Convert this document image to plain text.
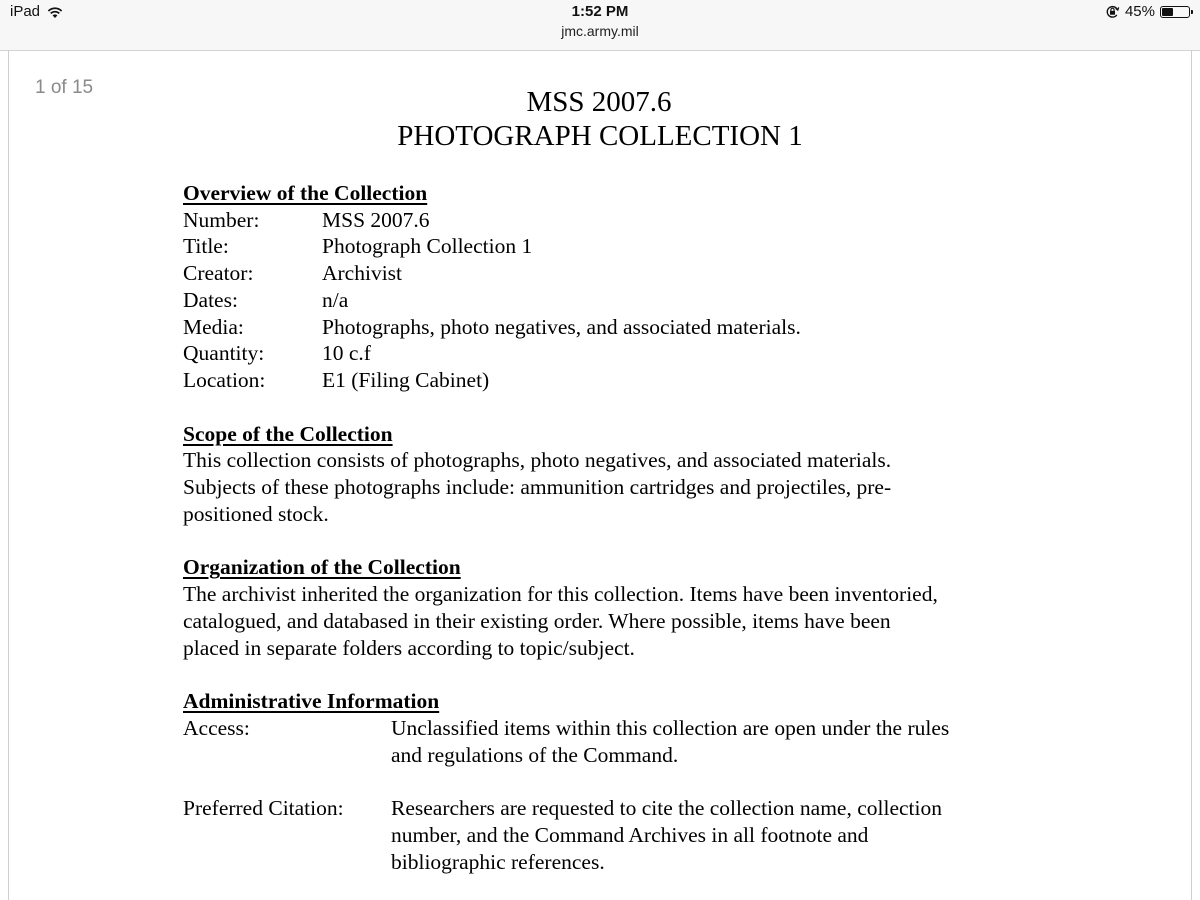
iPad	1:52 PM
jmc.army.mil
45%
1 of 15	MSS 2007.6
PHOTOGRAPH COLLECTION 1
Overview of the Collection
Number:	MSS 2007.6
Title:	Photograph Collection 1
Creator:	Archivist
Dates:	n/a
Media:	Photographs, photo negatives, and associated materials.
Quantity:	10 c.f
Location:	E1 (Filing Cabinet)
Scope of the Collection
This collection consists of photographs, photo negatives, and associated materials.
Subjects of these photographs include: ammunition cartridges and projectiles, pre-
positioned stock.
Organization of the Collection
The archivist inherited the organization for this collection. Items have been inventoried,
catalogued, and databased in their existing order. Where possible, items have been
placed in separate folders according to topic/subject.
Administrative Information
Access:	Unclassified items within this collection are open under the rules
and regulations of the Command.
Preferred Citation:	Researchers are requested to cite the collection name, collection
number, and the Command Archives in all footnote and
bibliographic references.
